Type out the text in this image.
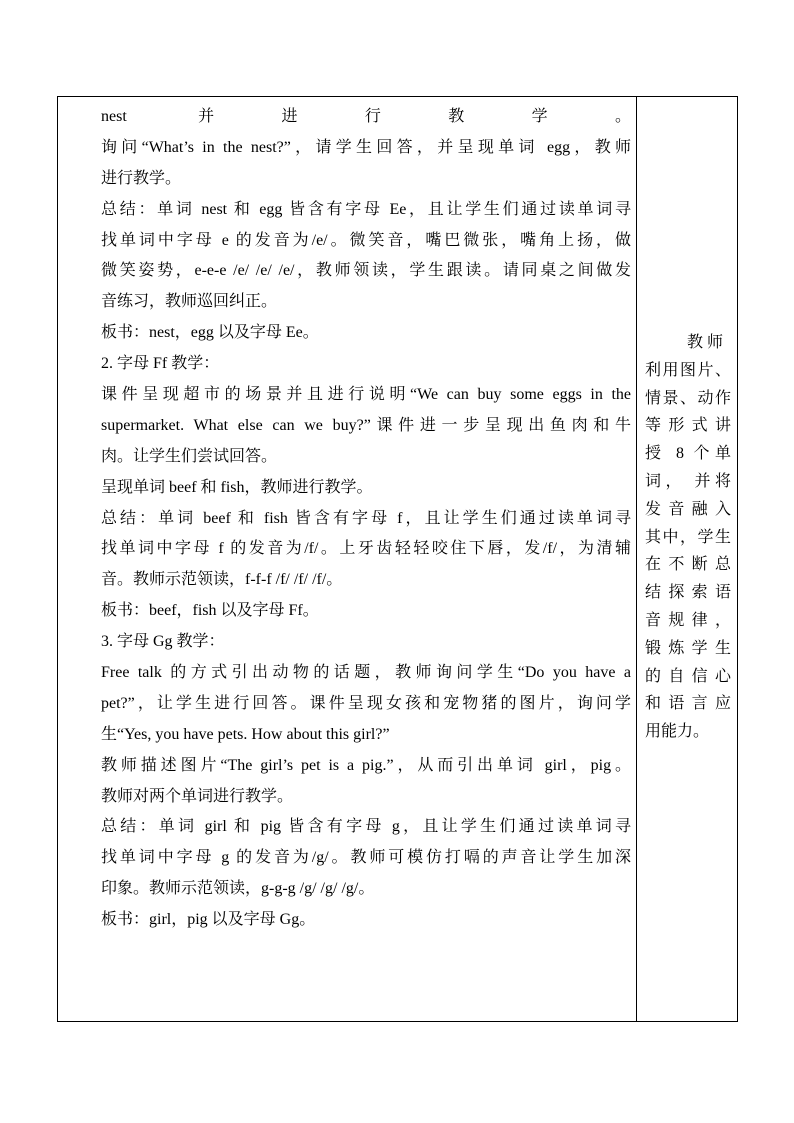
nest 并进行教学。
询问“What’s in the nest?”，请学生回答，并呈现单词 egg，教师
进行教学。
总结：单词 nest 和 egg 皆含有字母 Ee，且让学生们通过读单词寻
找单词中字母 e 的发音为/e/。微笑音，嘴巴微张，嘴角上扬，做
微笑姿势，e-e-e /e/ /e/ /e/，教师领读，学生跟读。请同桌之间做发
音练习，教师巡回纠正。
板书：nest，egg 以及字母 Ee。
2. 字母 Ff 教学：
课件呈现超市的场景并且进行说明“We can buy some eggs in the
supermarket. What else can we buy?”课件进一步呈现出鱼肉和牛
肉。让学生们尝试回答。
呈现单词 beef 和 fish，教师进行教学。
总结：单词 beef 和 fish 皆含有字母 f，且让学生们通过读单词寻
找单词中字母 f 的发音为/f/。上牙齿轻轻咬住下唇，发/f/，为清辅
音。教师示范领读，f-f-f /f/ /f/ /f/。
板书：beef，fish 以及字母 Ff。
3. 字母 Gg 教学：
Free talk 的方式引出动物的话题，教师询问学生“Do you have a
pet?”，让学生进行回答。课件呈现女孩和宠物猪的图片，询问学
生“Yes, you have pets. How about this girl?”
教师描述图片“The girl’s pet is a pig.”，从而引出单词 girl，pig。
教师对两个单词进行教学。
总结：单词 girl 和 pig 皆含有字母 g，且让学生们通过读单词寻
找单词中字母 g 的发音为/g/。教师可模仿打嗝的声音让学生加深
印象。教师示范领读，g-g-g /g/ /g/ /g/。
板书：girl，pig 以及字母 Gg。
教 师
利用图片、
情景、动作
等形式讲
授 8 个单
词， 并将
发音融入
其中，学生
在不断总
结探索语
音规律，
锻炼学生
的自信心
和语言应
用能力。
